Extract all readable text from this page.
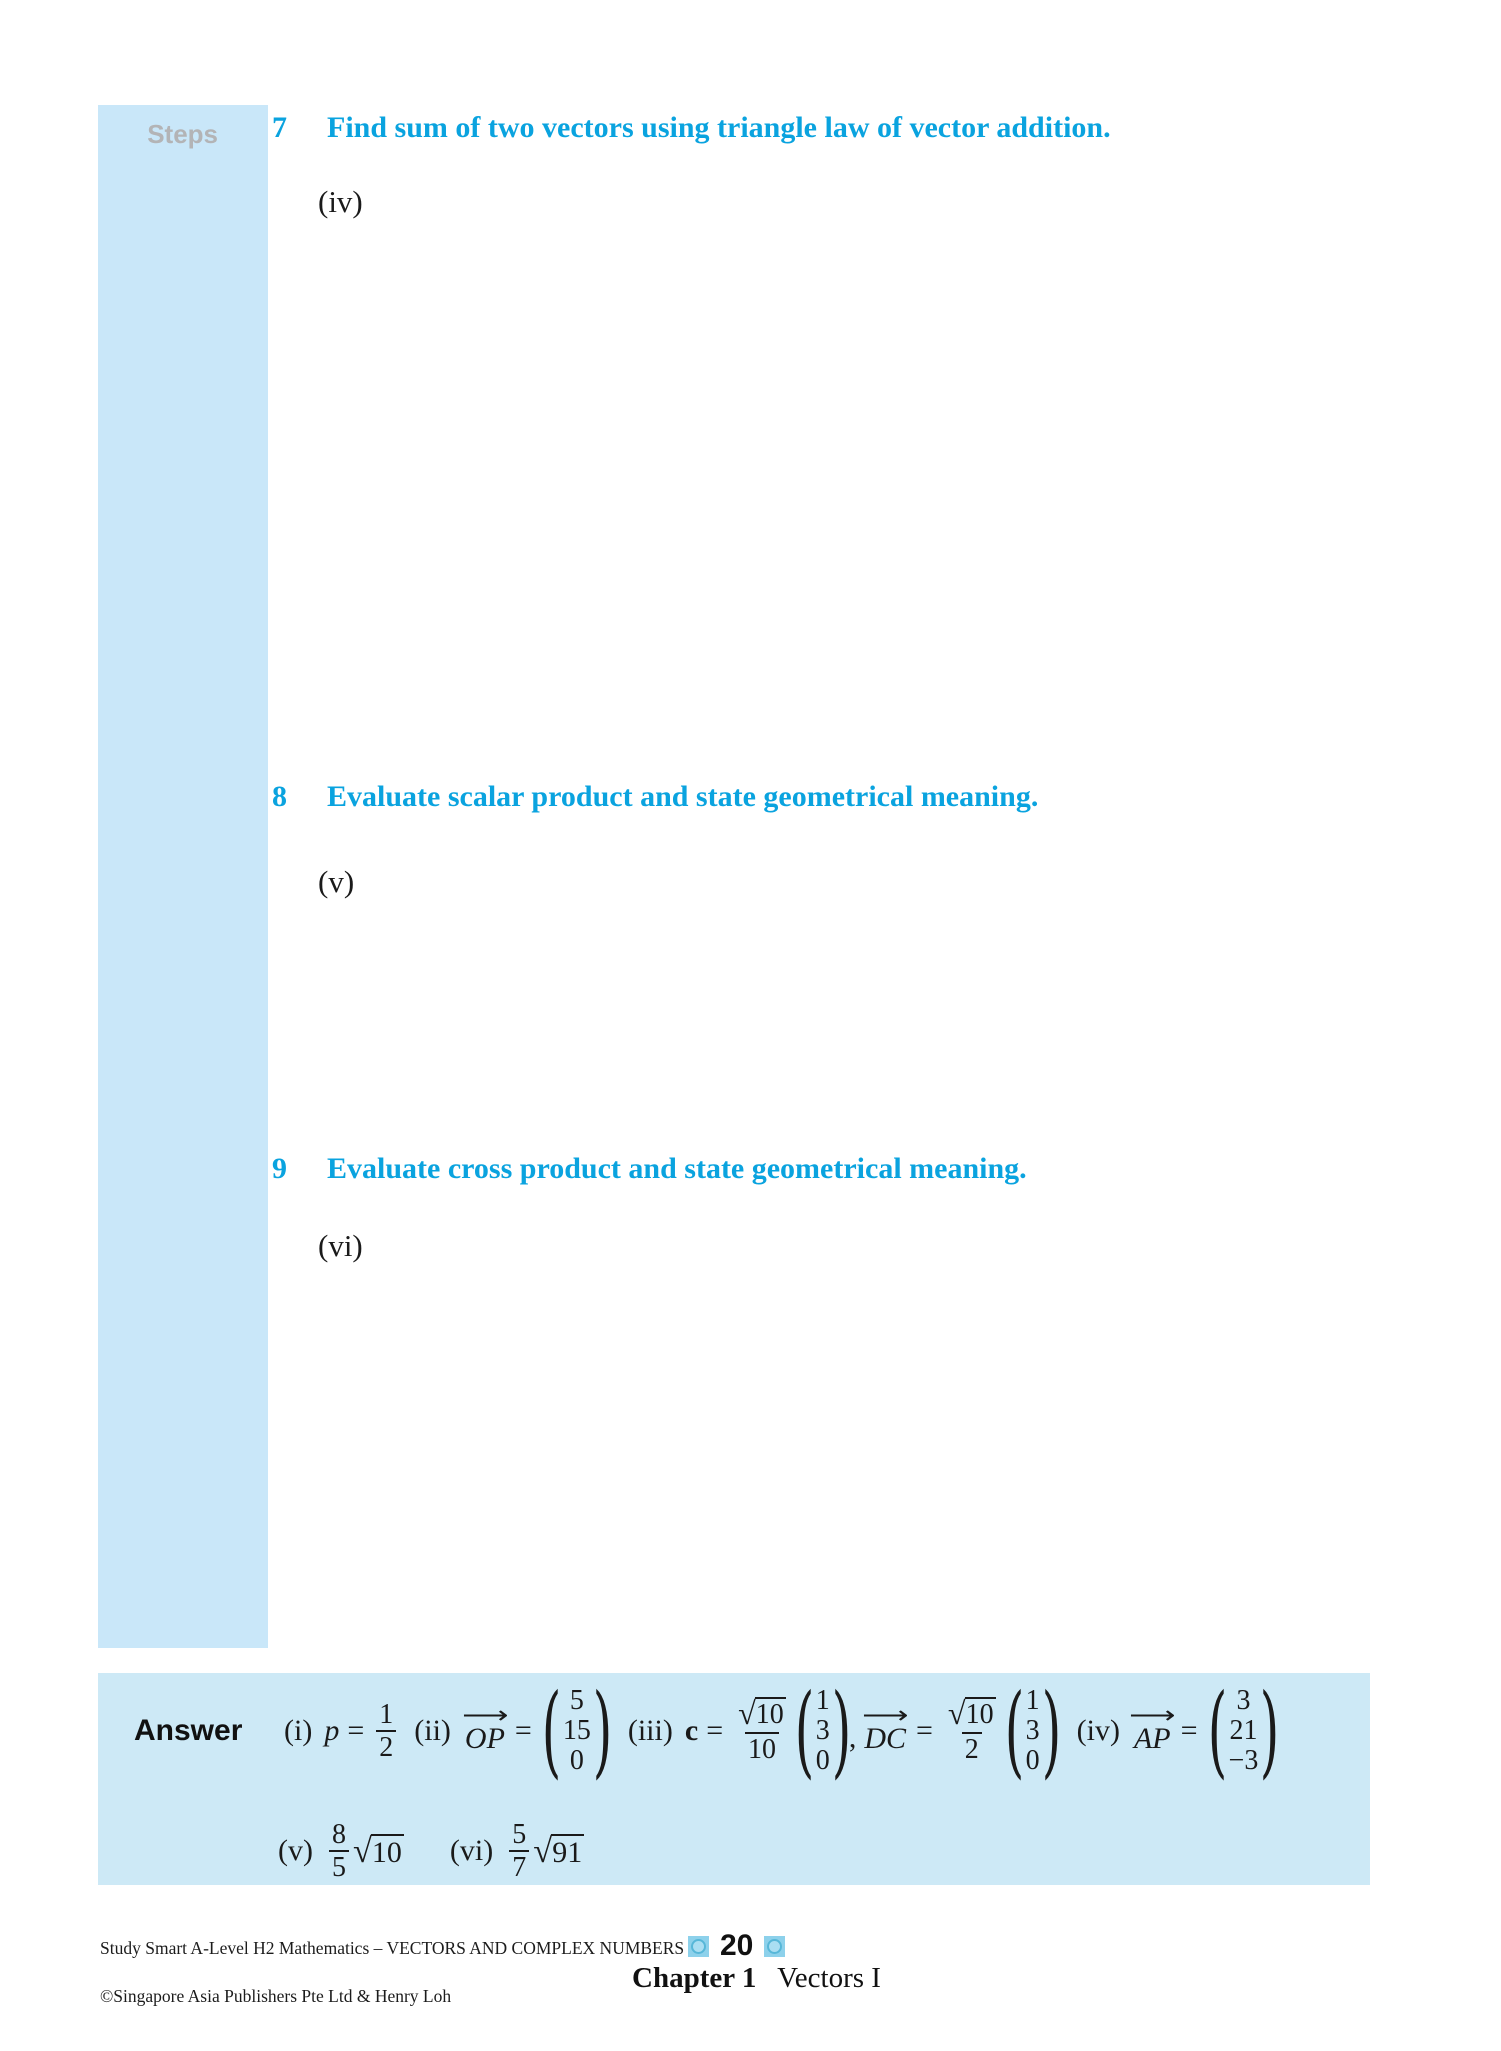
Steps	7	Find sum of two vectors using triangle law of vector addition.
(iv)
8	Evaluate scalar product and state geometrical meaning.
(v)
9	Evaluate cross product and state geometrical meaning.
(vi)
Answer (i) $p = \frac{1}{2} (ii)$ ⟶
OP = ( 5
15
0 ) (iii) $c = \frac{√ 10}{10}$ ( 1
3
0 )
,
⟶
DC = $\frac{√ 10}{2}$ ( 1
3
0 ) (iv) ⟶
AP = ( 3
21
−3 )
$(v) \frac{8}{5}$ √ 10 $(vi) \frac{5}{7}$ √ 91
Study Smart A-Level H2 Mathematics – VECTORS AND COMPLEX NUMBERS
©Singapore Asia Publishers Pte Ltd & Henry Loh
20
Chapter 1 Vectors I
